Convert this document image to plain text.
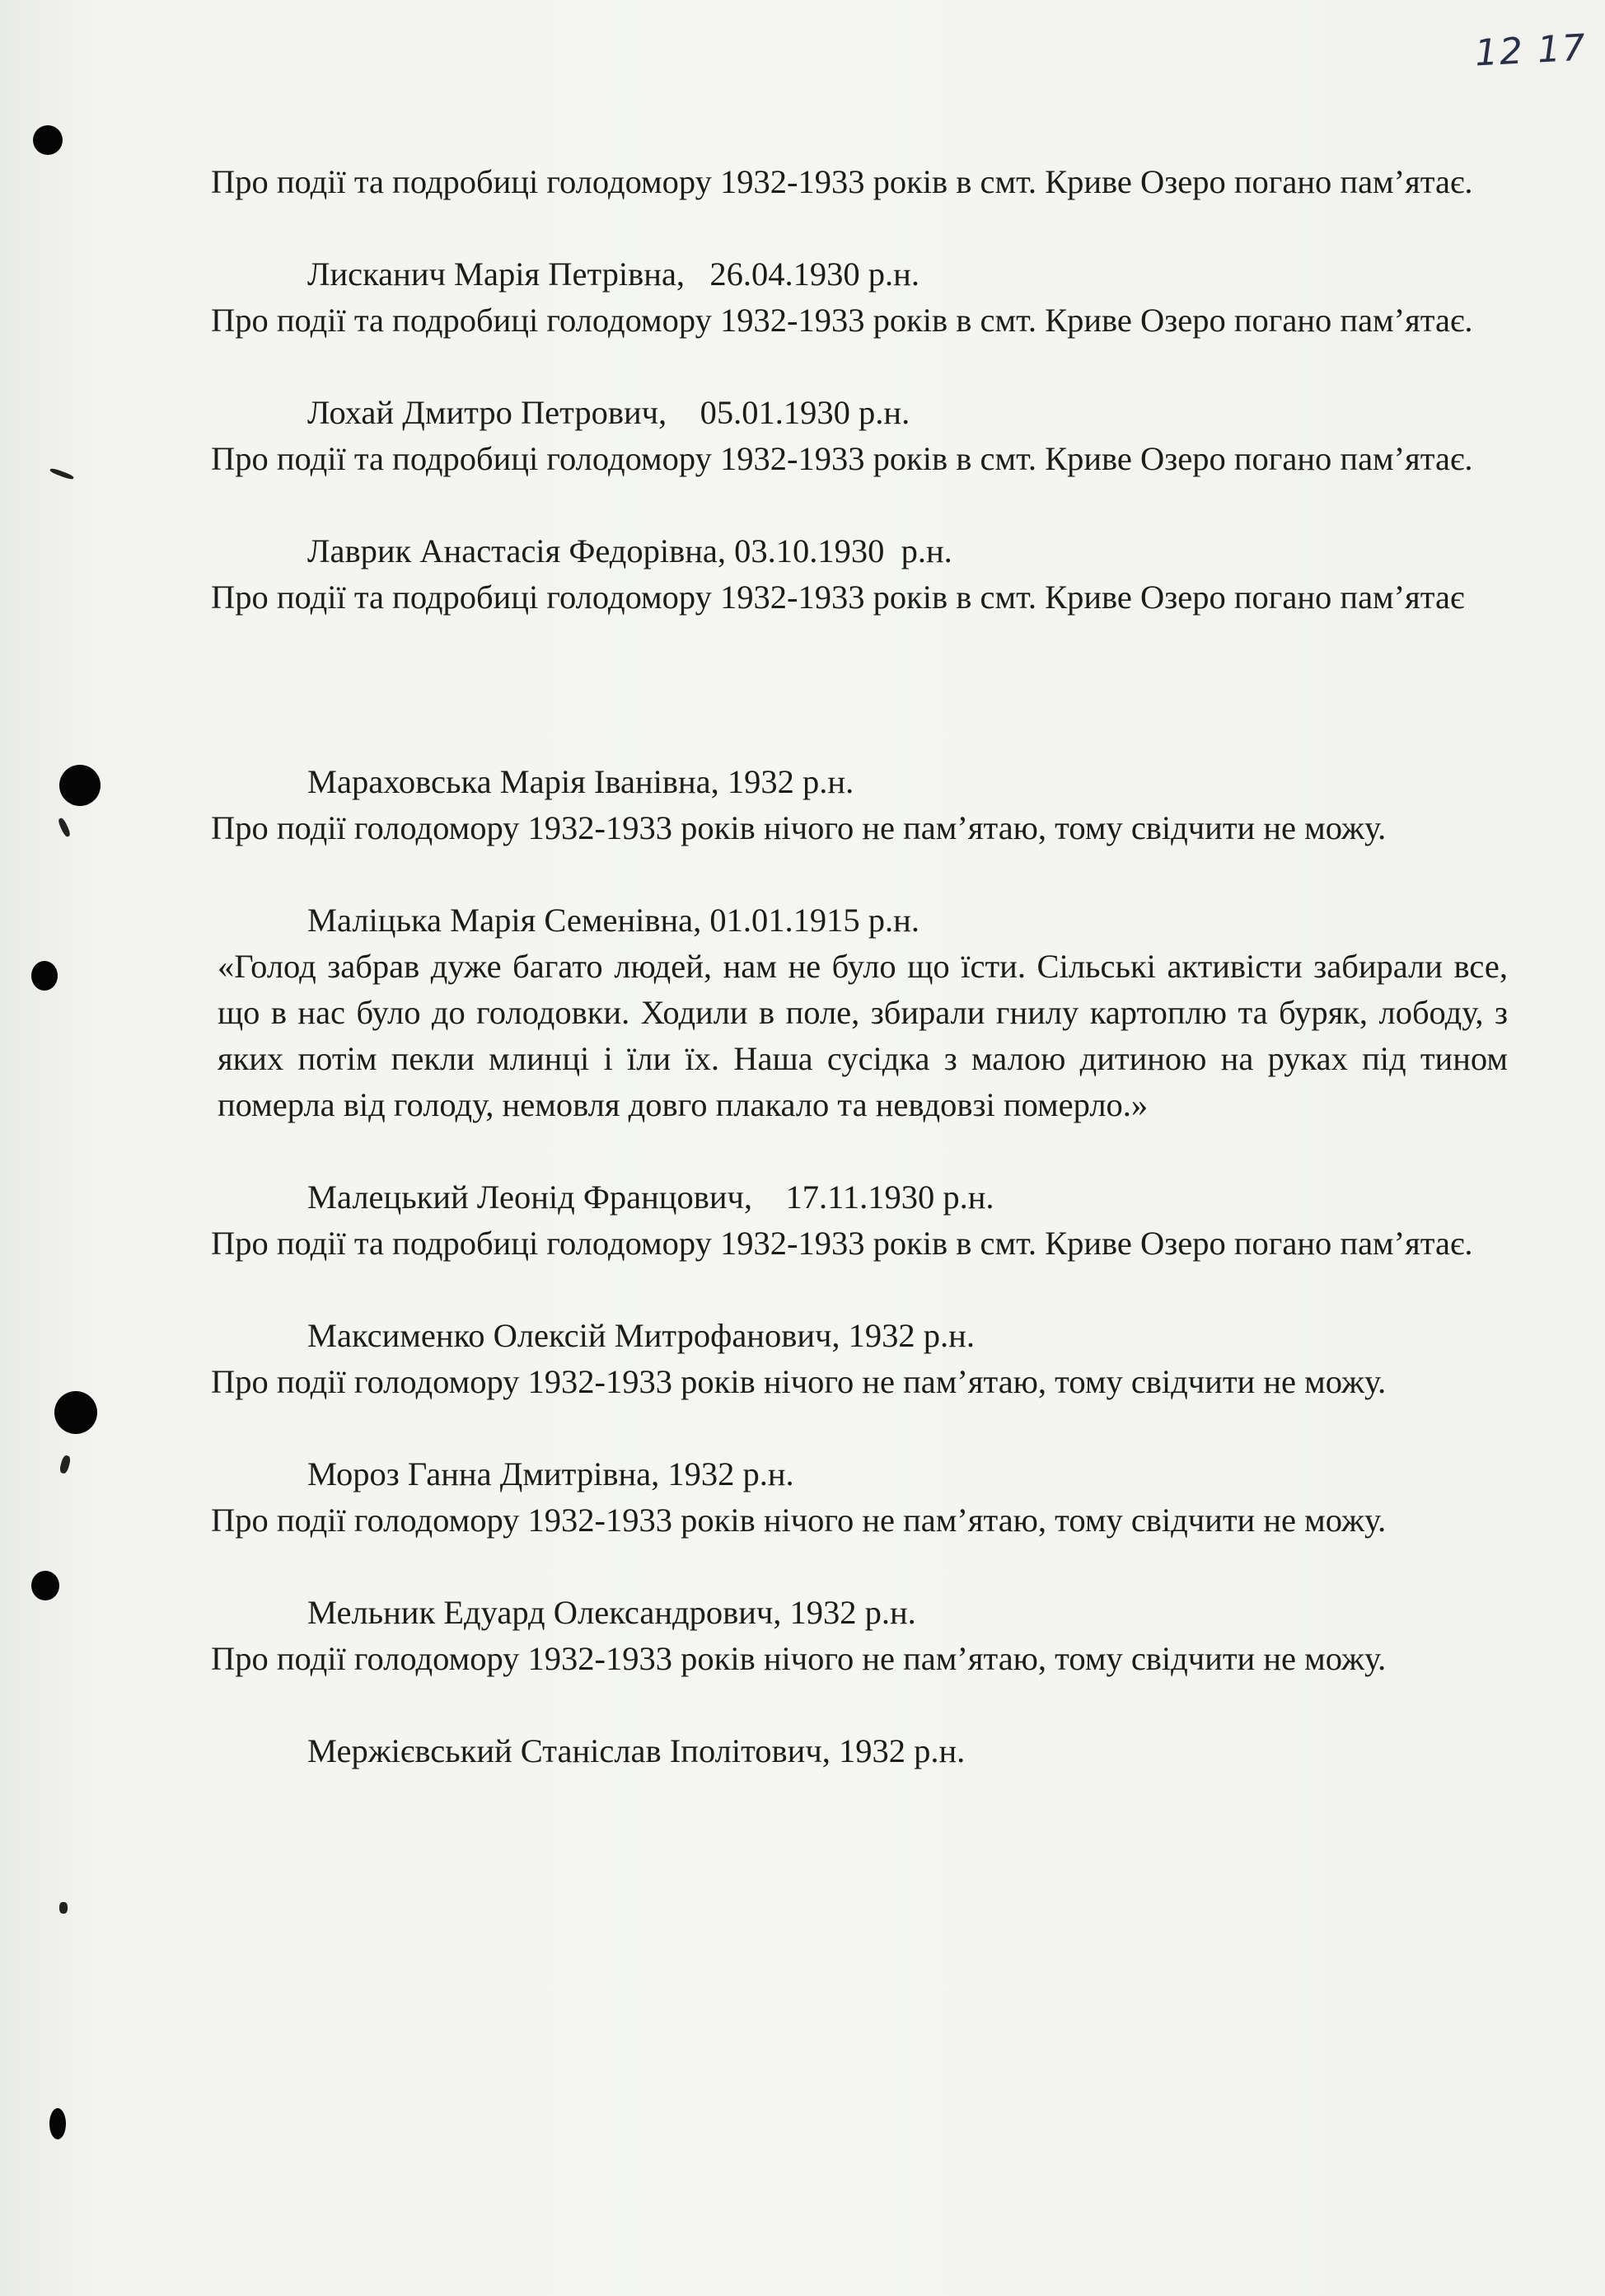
12 17
Про події та подробиці голодомору 1932-1933 років в смт. Криве Озеро погано пам’ятає.
Лисканич Марія Петрівна,   26.04.1930 р.н.
Про події та подробиці голодомору 1932-1933 років в смт. Криве Озеро погано пам’ятає.
Лохай Дмитро Петрович,    05.01.1930 р.н.
Про події та подробиці голодомору 1932-1933 років в смт. Криве Озеро погано пам’ятає.
Лаврик Анастасія Федорівна, 03.10.1930  р.н.
Про події та подробиці голодомору 1932-1933 років в смт. Криве Озеро погано пам’ятає
Мараховська Марія Іванівна, 1932 р.н.
Про події голодомору 1932-1933 років нічого не пам’ятаю, тому свідчити не можу.
Маліцька Марія Семенівна, 01.01.1915 р.н.
«Голод забрав дуже багато людей, нам не було що їсти. Сільські активісти забирали все, що в нас було до голодовки. Ходили в поле, збирали гнилу картоплю та буряк, лободу, з яких потім пекли млинці і їли їх. Наша сусідка з малою дитиною на руках під тином померла від голоду, немовля довго плакало та невдовзі померло.»
Малецький Леонід Францович,    17.11.1930 р.н.
Про події та подробиці голодомору 1932-1933 років в смт. Криве Озеро погано пам’ятає.
Максименко Олексій Митрофанович, 1932 р.н.
Про події голодомору 1932-1933 років нічого не пам’ятаю, тому свідчити не можу.
Мороз Ганна Дмитрівна, 1932 р.н.
Про події голодомору 1932-1933 років нічого не пам’ятаю, тому свідчити не можу.
Мельник Едуард Олександрович, 1932 р.н.
Про події голодомору 1932-1933 років нічого не пам’ятаю, тому свідчити не можу.
Мержієвський Станіслав Іполітович, 1932 р.н.
